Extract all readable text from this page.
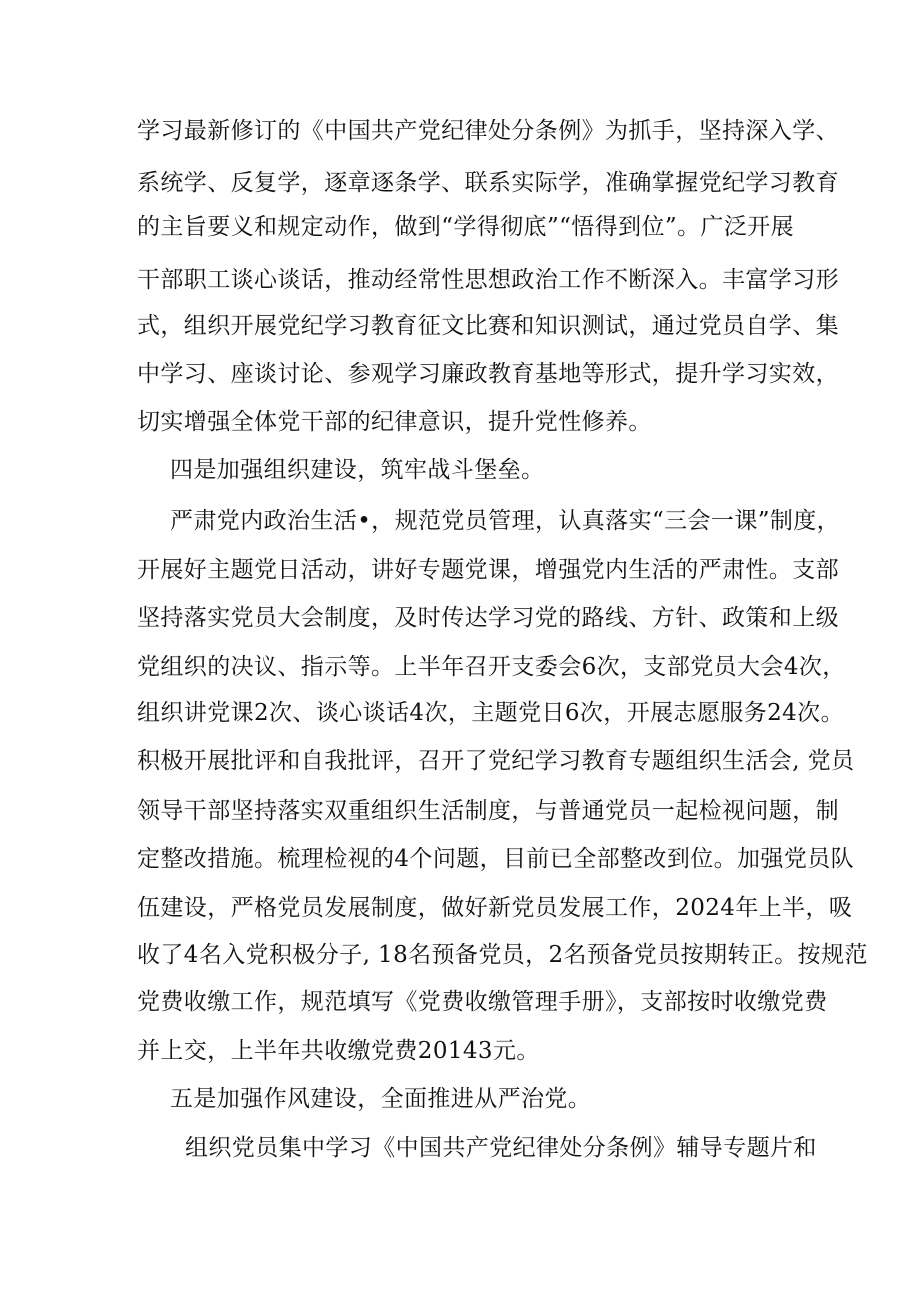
学习最新修订的《中国共产党纪律处分条例》为抓手，坚持深入学、
系统学、反复学，逐章逐条学、联系实际学，准确掌握党纪学习教育
的主旨要义和规定动作，做到“学得彻底”“悟得到位”。广泛开展
干部职工谈心谈话，推动经常性思想政治工作不断深入。丰富学习形
式，组织开展党纪学习教育征文比赛和知识测试，通过党员自学、集
中学习、座谈讨论、参观学习廉政教育基地等形式，提升学习实效，
切实增强全体党干部的纪律意识，提升党性修养。
四是加强组织建设，筑牢战斗堡垒。
严肃党内政治生活•，规范党员管理，认真落实“三会一课”制度，
开展好主题党日活动，讲好专题党课，增强党内生活的严肃性。支部
坚持落实党员大会制度，及时传达学习党的路线、方针、政策和上级
党组织的决议、指示等。上半年召开支委会6次，支部党员大会4次，
组织讲党课2次、谈心谈话4次，主题党日6次，开展志愿服务24次。
积极开展批评和自我批评，召开了党纪学习教育专题组织生活会, 党员
领导干部坚持落实双重组织生活制度，与普通党员一起检视问题，制
定整改措施。梳理检视的4个问题，目前已全部整改到位。加强党员队
伍建设，严格党员发展制度，做好新党员发展工作，2024年上半，吸
收了4名入党积极分子, 18名预备党员，2名预备党员按期转正。按规范
党费收缴工作，规范填写《党费收缴管理手册》，支部按时收缴党费
并上交，上半年共收缴党费20143元。
五是加强作风建设，全面推进从严治党。
组织党员集中学习《中国共产党纪律处分条例》辅导专题片和
